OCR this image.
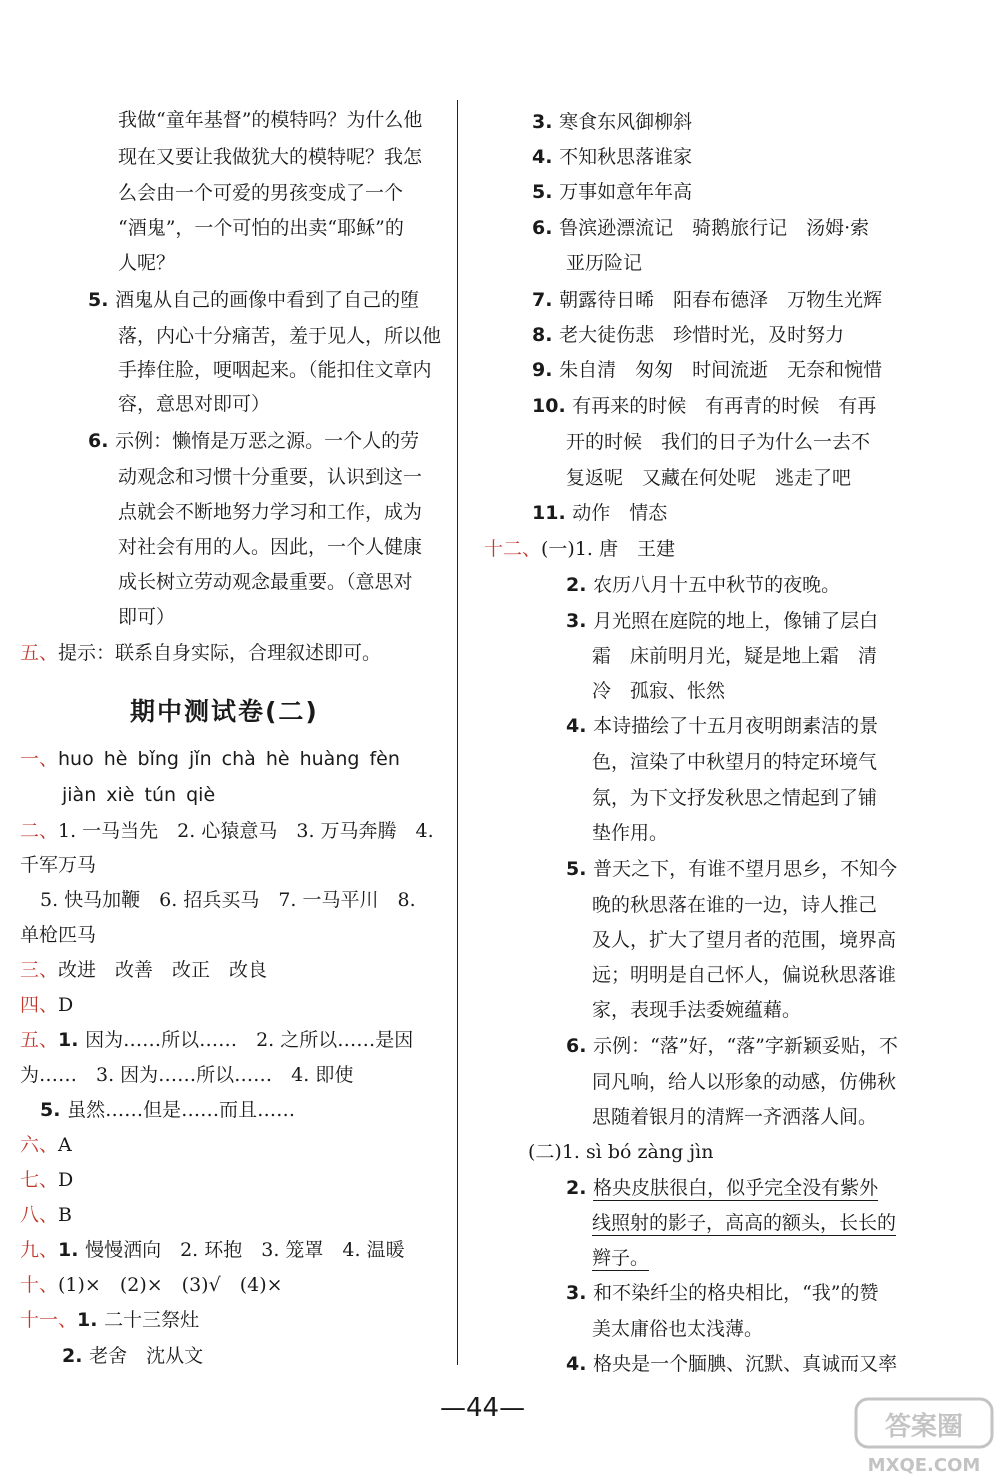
我做“童年基督”的模特吗？为什么他
现在又要让我做犹大的模特呢？我怎
么会由一个可爱的男孩变成了一个
“酒鬼”，一个可怕的出卖“耶稣”的
人呢？
5. 酒鬼从自己的画像中看到了自己的堕
落，内心十分痛苦，羞于见人，所以他
手捧住脸，哽咽起来。（能扣住文章内
容，意思对即可）
6. 示例：懒惰是万恶之源。一个人的劳
动观念和习惯十分重要，认识到这一
点就会不断地努力学习和工作，成为
对社会有用的人。因此，一个人健康
成长树立劳动观念最重要。（意思对
即可）
五、提示：联系自身实际，合理叙述即可。
一、huo hè bǐng jǐn chà hè huàng fèn
jiàn xiè tún qiè
二、1. 一马当先　2. 心猿意马　3. 万马奔腾　4.
千军万马
5. 快马加鞭　6. 招兵买马　7. 一马平川　8.
单枪匹马
三、改进　改善　改正　改良
四、D
五、1. 因为……所以……　2. 之所以……是因
为……　3. 因为……所以……　4. 即使
5. 虽然……但是……而且……
六、A
七、D
八、B
九、1. 慢慢洒向　2. 环抱　3. 笼罩　4. 温暖
十、(1)×　(2)×　(3)√　(4)×
十一、1. 二十三祭灶
2. 老舍　沈从文
期中测试卷(二)
3. 寒食东风御柳斜
4. 不知秋思落谁家
5. 万事如意年年高
6. 鲁滨逊漂流记　骑鹅旅行记　汤姆·索
亚历险记
7. 朝露待日晞　阳春布德泽　万物生光辉
8. 老大徒伤悲　珍惜时光，及时努力
9. 朱自清　匆匆　时间流逝　无奈和惋惜
10. 有再来的时候　有再青的时候　有再
开的时候　我们的日子为什么一去不
复返呢　又藏在何处呢　逃走了吧
11. 动作　情态
十二、(一)1. 唐　王建
2. 农历八月十五中秋节的夜晚。
3. 月光照在庭院的地上，像铺了层白
霜　床前明月光，疑是地上霜　清
冷　孤寂、怅然
4. 本诗描绘了十五月夜明朗素洁的景
色，渲染了中秋望月的特定环境气
氛，为下文抒发秋思之情起到了铺
垫作用。
5. 普天之下，有谁不望月思乡，不知今
晚的秋思落在谁的一边，诗人推己
及人，扩大了望月者的范围，境界高
远；明明是自己怀人，偏说秋思落谁
家，表现手法委婉蕴藉。
6. 示例：“落”好，“落”字新颖妥贴，不
同凡响，给人以形象的动感，仿佛秋
思随着银月的清辉一齐洒落人间。
(二)1. sì bó zàng jìn
2. 格央皮肤很白，似乎完全没有紫外
线照射的影子，高高的额头，长长的
辫子。
3. 和不染纤尘的格央相比，“我”的赞
美太庸俗也太浅薄。
4. 格央是一个腼腆、沉默、真诚而又率
—44—
答案圈
MXQE.COM
